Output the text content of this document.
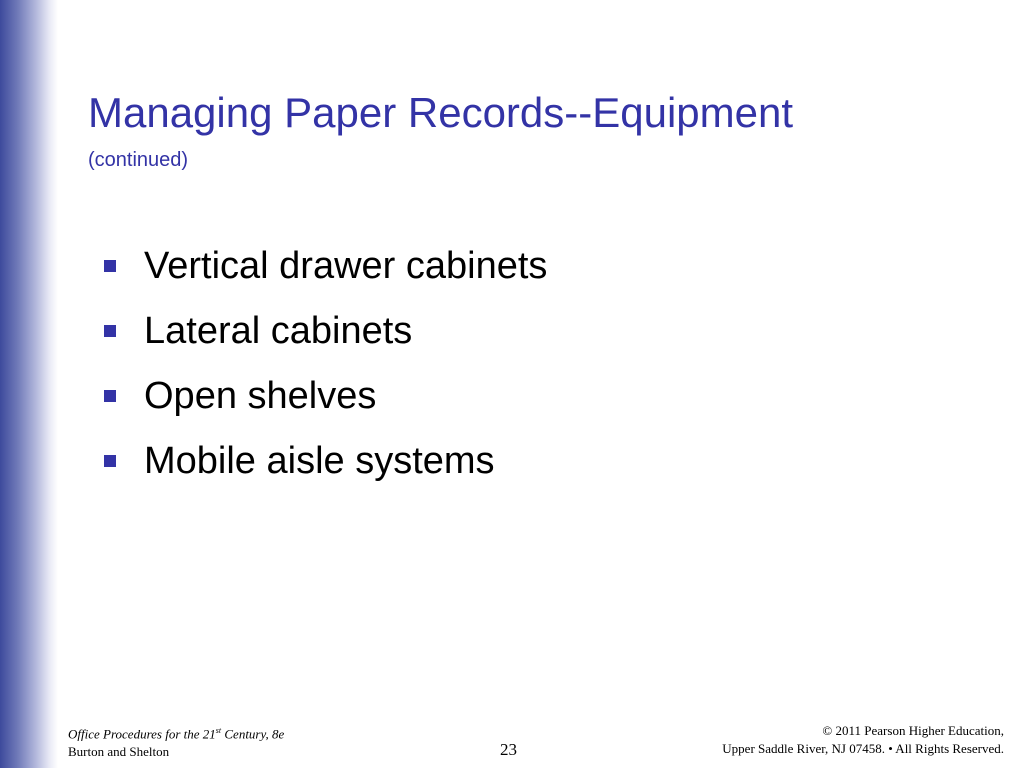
Managing Paper Records--Equipment
(continued)
Vertical drawer cabinets
Lateral cabinets
Open shelves
Mobile aisle systems
Office Procedures for the 21st Century, 8e
Burton and Shelton	23
© 2011 Pearson Higher Education,
Upper Saddle River, NJ 07458. • All Rights Reserved.
